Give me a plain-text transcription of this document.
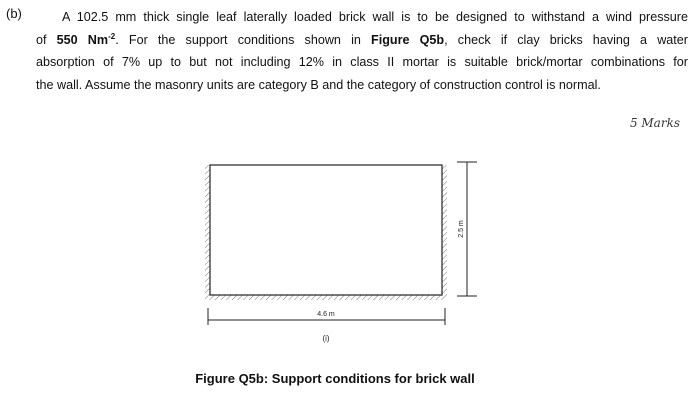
(b)	A 102.5 mm thick single leaf laterally loaded brick wall is to be designed to withstand a wind pressure
of 550 $Nm^{-2}$. For the support conditions shown in Figure Q5b, check if clay bricks having a water
absorption of 7% up to but not including 12% in class II mortar is suitable brick/mortar combinations for
the wall. Assume the masonry units are category B and the category of construction control is normal.
5 Marks
4.6 m
2.5 m
(i)
Figure Q5b: Support conditions for brick wall
